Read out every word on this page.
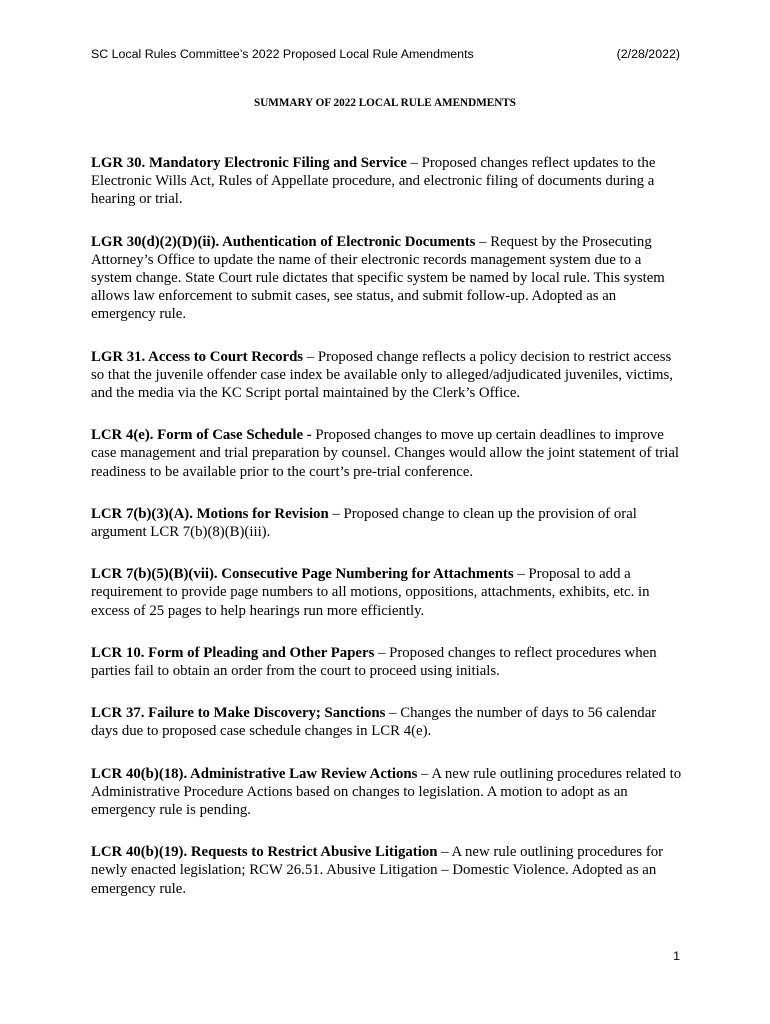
SC Local Rules Committee’s 2022 Proposed Local Rule Amendments	(2/28/2022)
SUMMARY OF 2022 LOCAL RULE AMENDMENTS

LGR 30. Mandatory Electronic Filing and Service – Proposed changes reflect updates to the Electronic Wills Act, Rules of Appellate procedure, and electronic filing of documents during a hearing or trial.

LGR 30(d)(2)(D)(ii). Authentication of Electronic Documents – Request by the Prosecuting Attorney’s Office to update the name of their electronic records management system due to a system change. State Court rule dictates that specific system be named by local rule. This system allows law enforcement to submit cases, see status, and submit follow-up. Adopted as an emergency rule.

LGR 31. Access to Court Records – Proposed change reflects a policy decision to restrict access so that the juvenile offender case index be available only to alleged/adjudicated juveniles, victims, and the media via the KC Script portal maintained by the Clerk’s Office.

LCR 4(e). Form of Case Schedule - Proposed changes to move up certain deadlines to improve case management and trial preparation by counsel. Changes would allow the joint statement of trial readiness to be available prior to the court’s pre-trial conference.

LCR 7(b)(3)(A). Motions for Revision – Proposed change to clean up the provision of oral argument LCR 7(b)(8)(B)(iii).

LCR 7(b)(5)(B)(vii). Consecutive Page Numbering for Attachments – Proposal to add a requirement to provide page numbers to all motions, oppositions, attachments, exhibits, etc. in excess of 25 pages to help hearings run more efficiently.

LCR 10. Form of Pleading and Other Papers – Proposed changes to reflect procedures when parties fail to obtain an order from the court to proceed using initials.

LCR 37. Failure to Make Discovery; Sanctions – Changes the number of days to 56 calendar days due to proposed case schedule changes in LCR 4(e).

LCR 40(b)(18). Administrative Law Review Actions – A new rule outlining procedures related to Administrative Procedure Actions based on changes to legislation. A motion to adopt as an emergency rule is pending.

LCR 40(b)(19). Requests to Restrict Abusive Litigation – A new rule outlining procedures for newly enacted legislation; RCW 26.51. Abusive Litigation – Domestic Violence. Adopted as an emergency rule.

1
